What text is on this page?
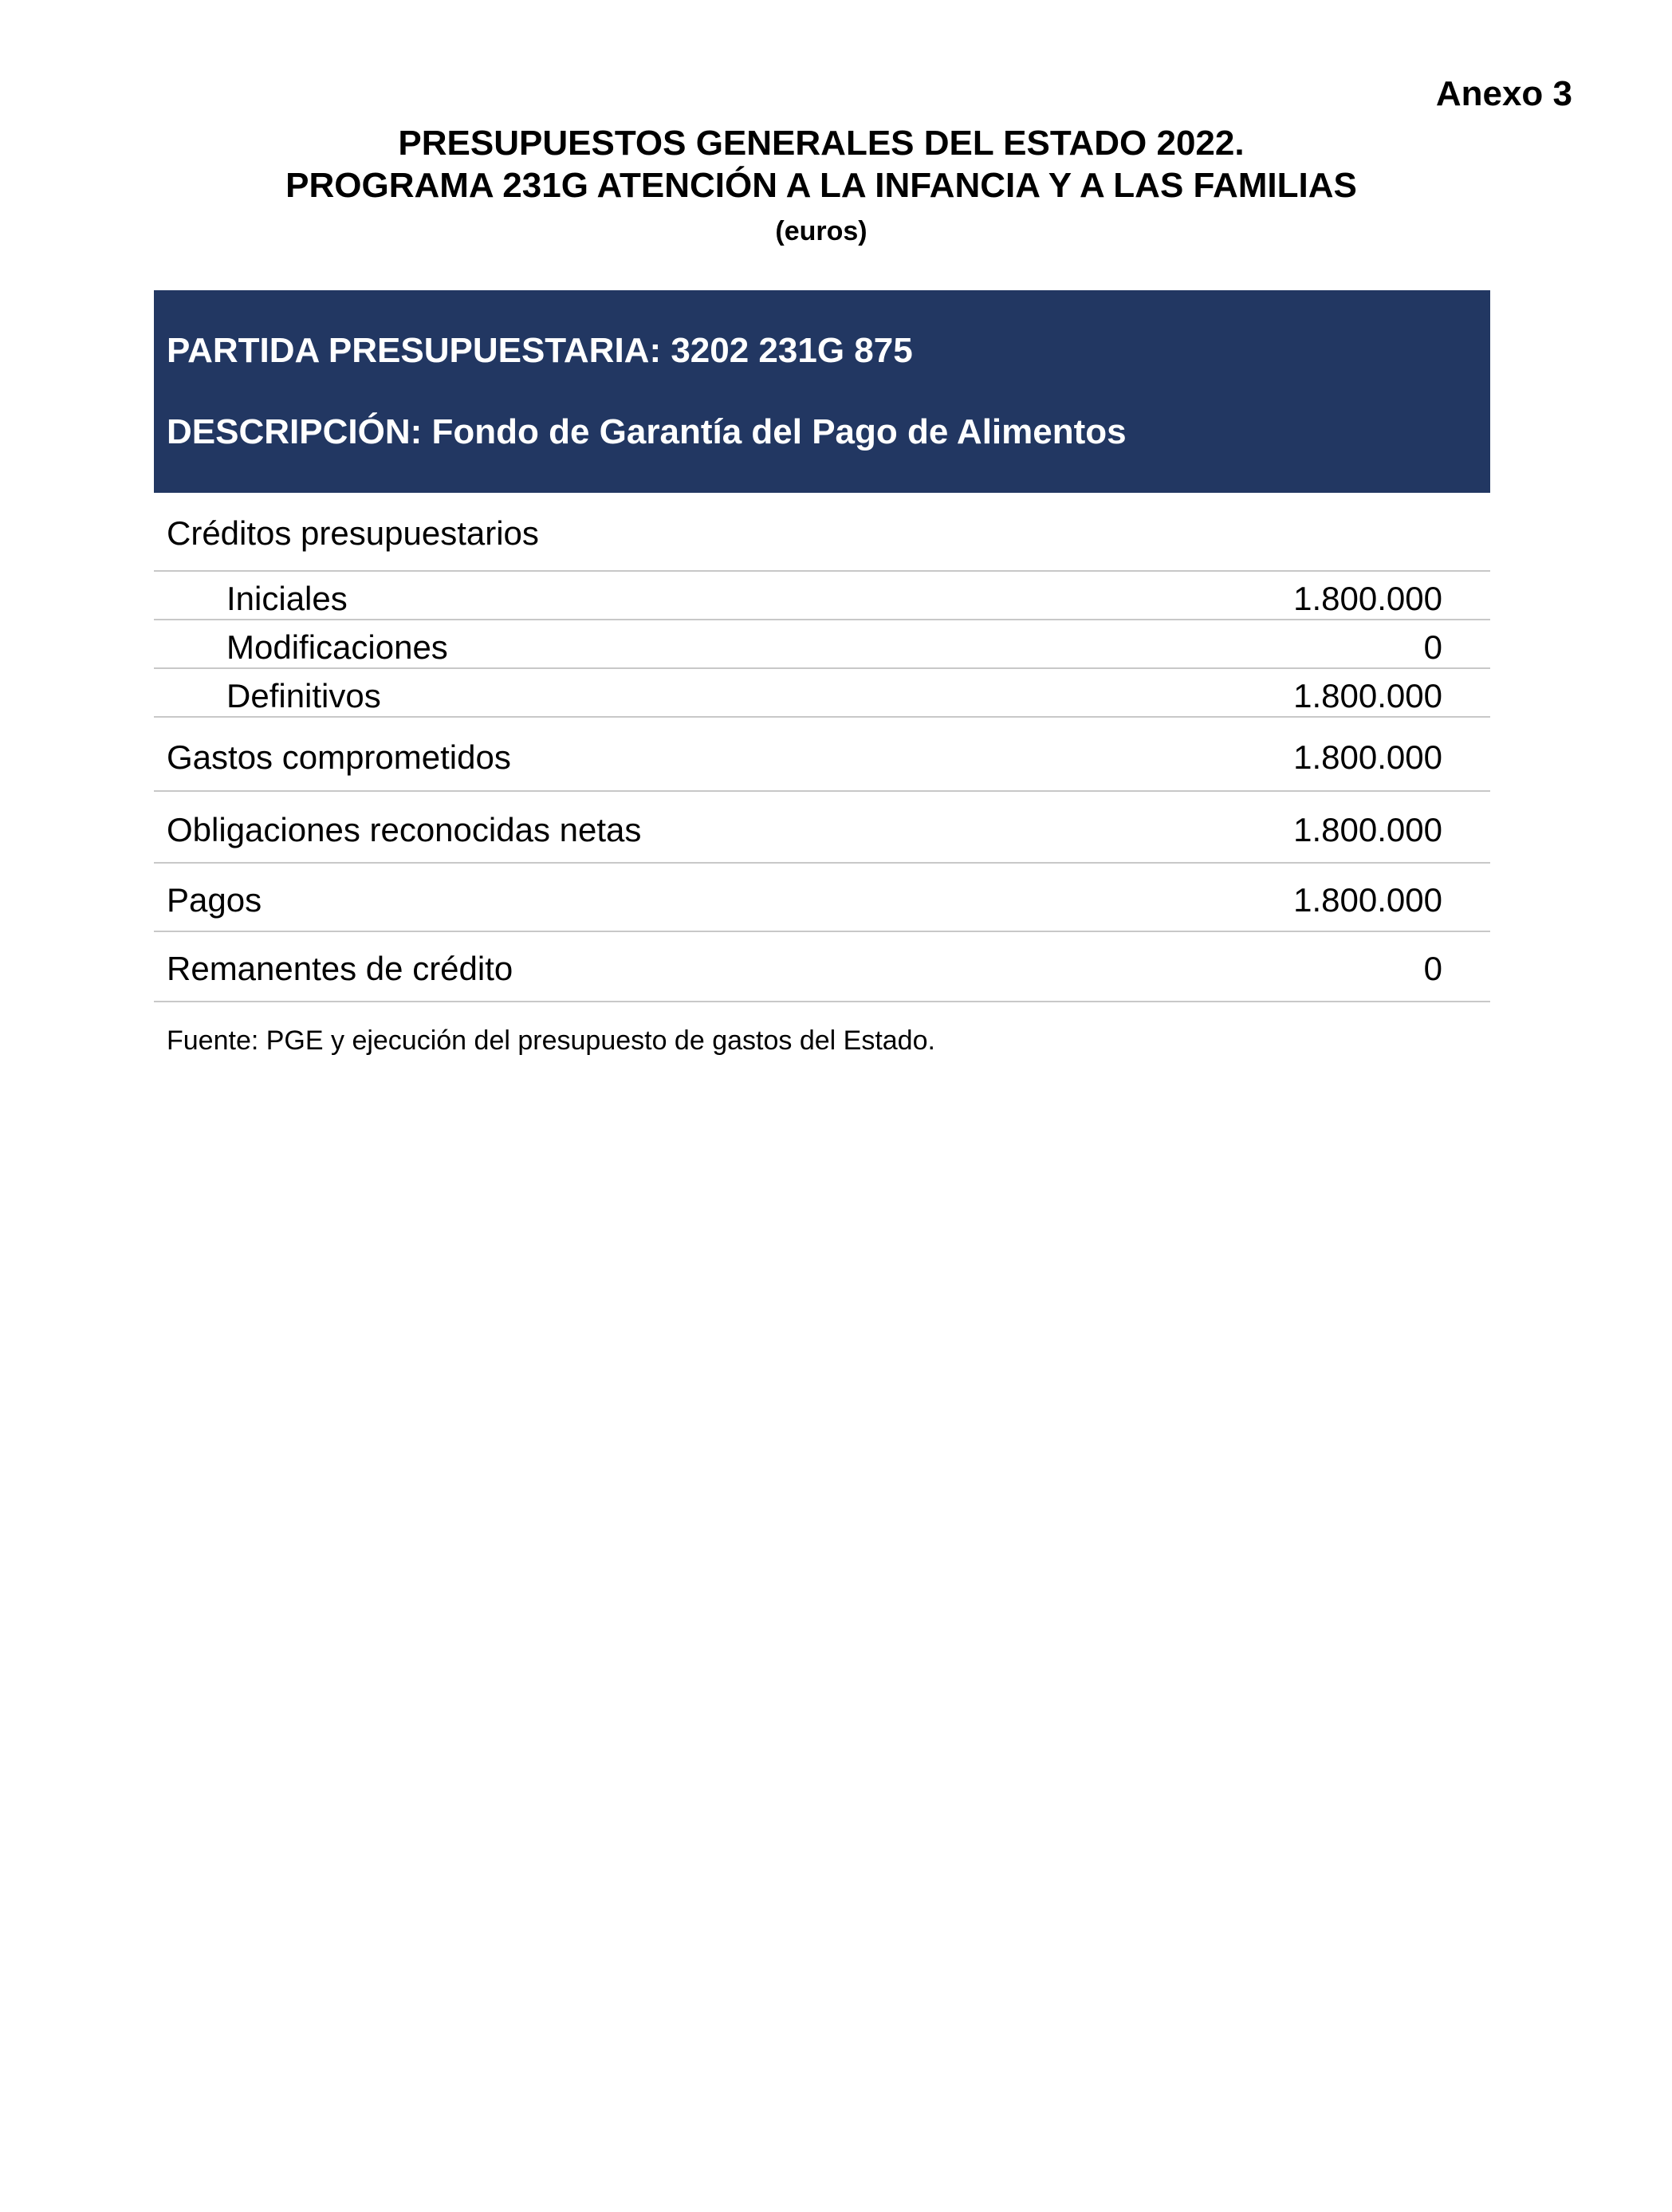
Anexo 3
PRESUPUESTOS GENERALES DEL ESTADO 2022.
PROGRAMA 231G ATENCIÓN A LA INFANCIA Y A LAS FAMILIAS
(euros)
PARTIDA PRESUPUESTARIA: 3202 231G 875
DESCRIPCIÓN: Fondo de Garantía del Pago de Alimentos
Créditos presupuestarios
Iniciales	1.800.000
Modificaciones	0
Definitivos	1.800.000
Gastos comprometidos	1.800.000
Obligaciones reconocidas netas	1.800.000
Pagos	1.800.000
Remanentes de crédito	0
Fuente: PGE y ejecución del presupuesto de gastos del Estado.
